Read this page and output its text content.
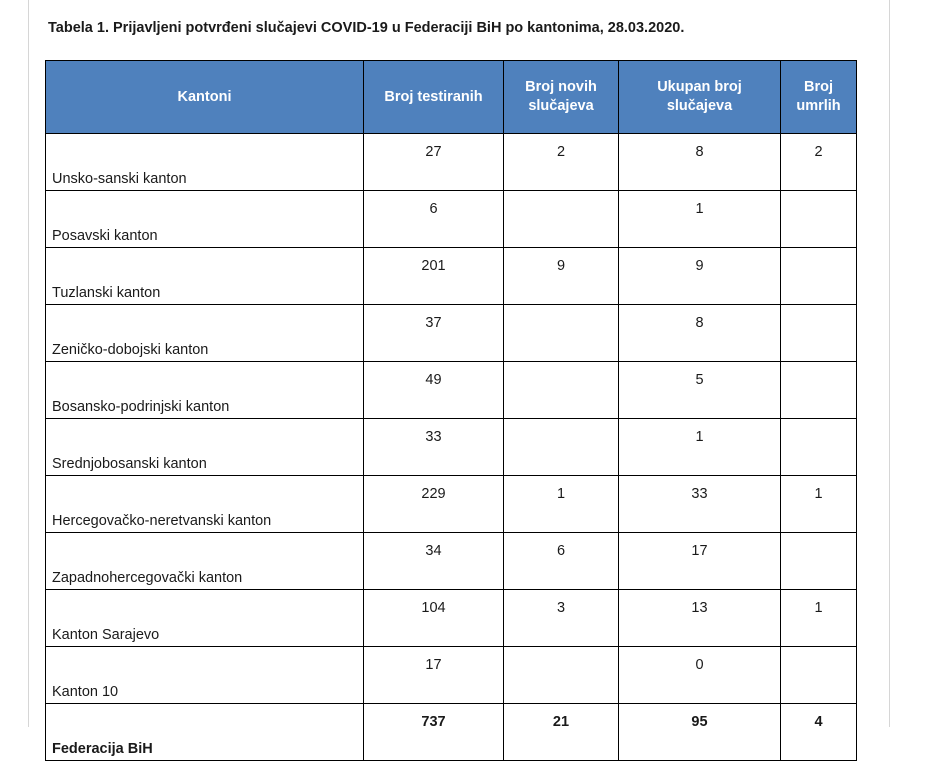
Tabela 1. Prijavljeni potvrđeni slučajevi COVID-19 u Federaciji BiH po kantonima, 28.03.2020.
Kantoni	Broj testiranih	Broj novih slučajeva	Ukupan broj slučajeva	Broj umrlih
Unsko-sanski kanton	27	2	8	2
Posavski kanton	6		1	
Tuzlanski kanton	201	9	9	
Zeničko-dobojski kanton	37		8	
Bosansko-podrinjski kanton	49		5	
Srednjobosanski kanton	33		1	
Hercegovačko-neretvanski kanton	229	1	33	1
Zapadnohercegovački kanton	34	6	17	
Kanton Sarajevo	104	3	13	1
Kanton 10	17		0	
Federacija BiH	737	21	95	4
